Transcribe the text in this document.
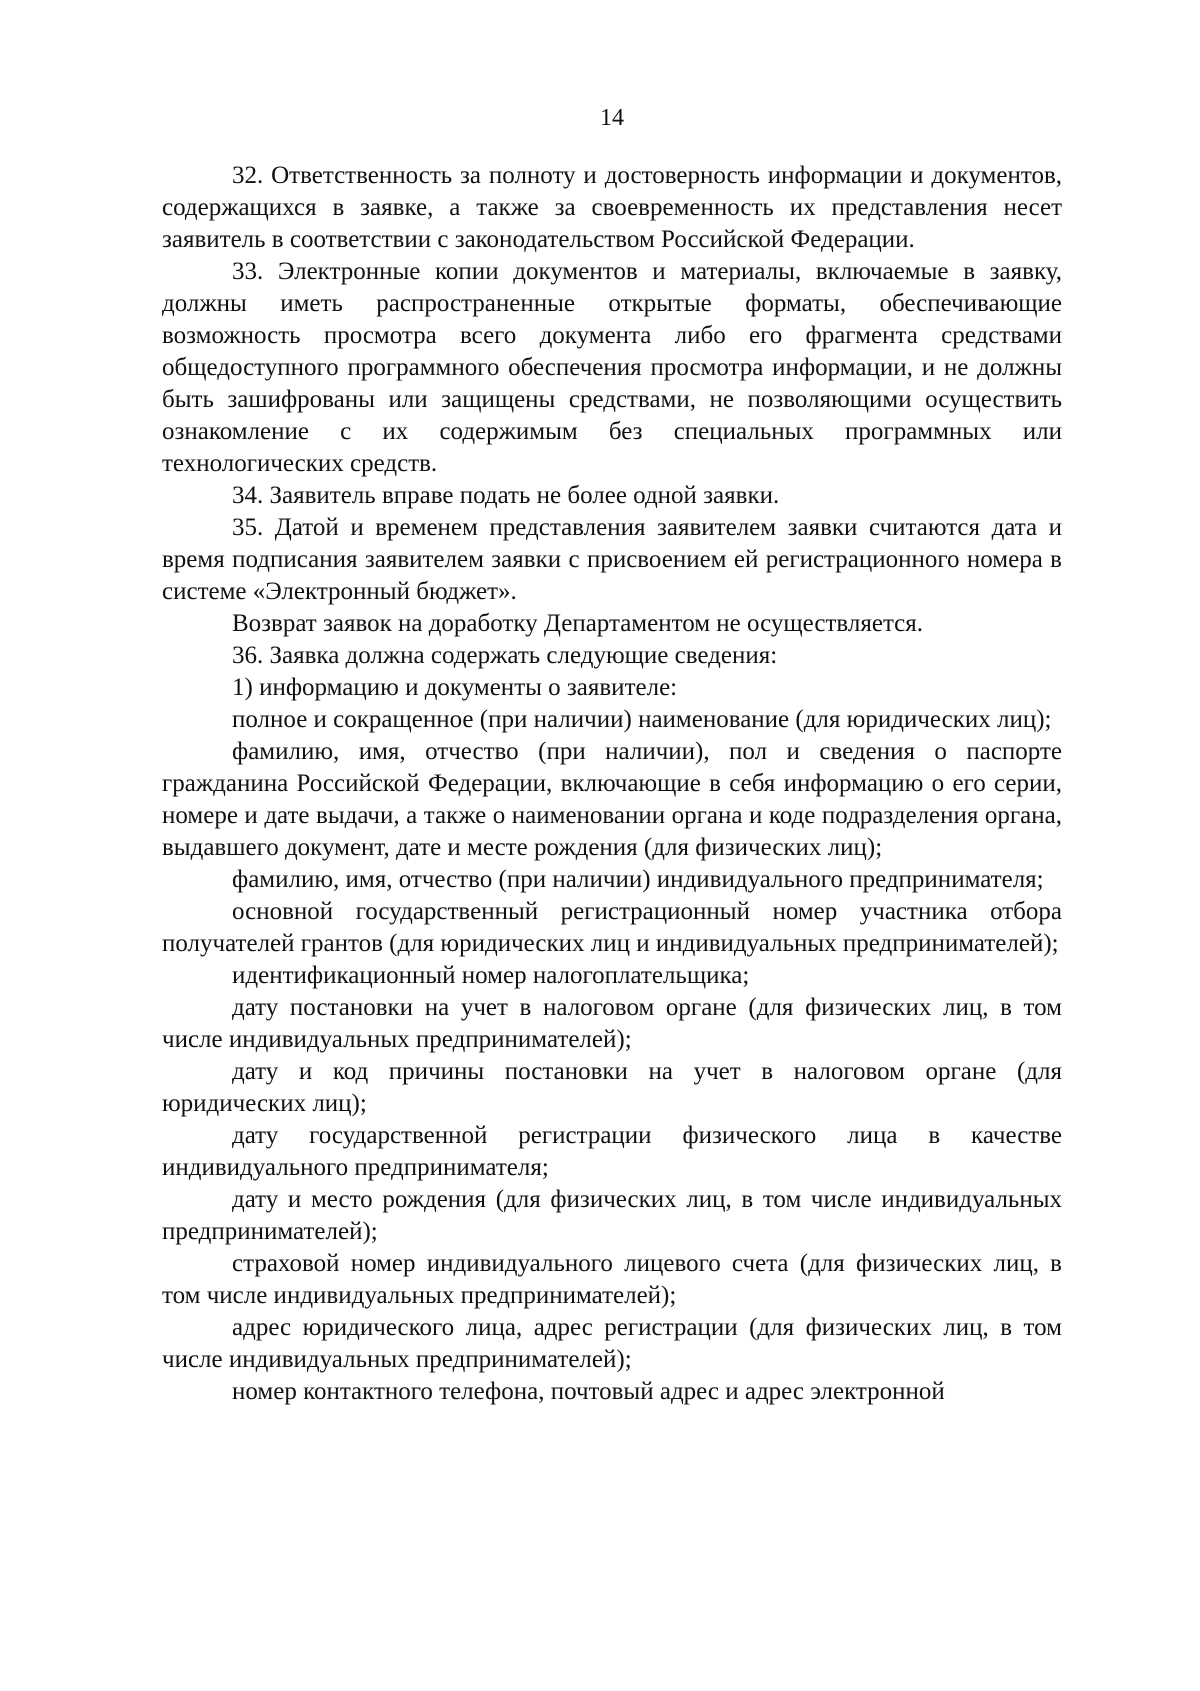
14

32. Ответственность за полноту и достоверность информации и документов, содержащихся в заявке, а также за своевременность их представления несет заявитель в соответствии с законодательством Российской Федерации.

33. Электронные копии документов и материалы, включаемые в заявку, должны иметь распространенные открытые форматы, обеспечивающие возможность просмотра всего документа либо его фрагмента средствами общедоступного программного обеспечения просмотра информации, и не должны быть зашифрованы или защищены средствами, не позволяющими осуществить ознакомление с их содержимым без специальных программных или технологических средств.

34. Заявитель вправе подать не более одной заявки.

35. Датой и временем представления заявителем заявки считаются дата и время подписания заявителем заявки с присвоением ей регистрационного номера в системе «Электронный бюджет».

Возврат заявок на доработку Департаментом не осуществляется.

36. Заявка должна содержать следующие сведения:

1) информацию и документы о заявителе:

полное и сокращенное (при наличии) наименование (для юридических лиц);

фамилию, имя, отчество (при наличии), пол и сведения о паспорте гражданина Российской Федерации, включающие в себя информацию о его серии, номере и дате выдачи, а также о наименовании органа и коде подразделения органа, выдавшего документ, дате и месте рождения (для физических лиц);

фамилию, имя, отчество (при наличии) индивидуального предпринимателя;

основной государственный регистрационный номер участника отбора получателей грантов (для юридических лиц и индивидуальных предпринимателей);

идентификационный номер налогоплательщика;

дату постановки на учет в налоговом органе (для физических лиц, в том числе индивидуальных предпринимателей);

дату и код причины постановки на учет в налоговом органе (для юридических лиц);

дату государственной регистрации физического лица в качестве индивидуального предпринимателя;

дату и место рождения (для физических лиц, в том числе индивидуальных предпринимателей);

страховой номер индивидуального лицевого счета (для физических лиц, в том числе индивидуальных предпринимателей);

адрес юридического лица, адрес регистрации (для физических лиц, в том числе индивидуальных предпринимателей);

номер контактного телефона, почтовый адрес и адрес электронной
